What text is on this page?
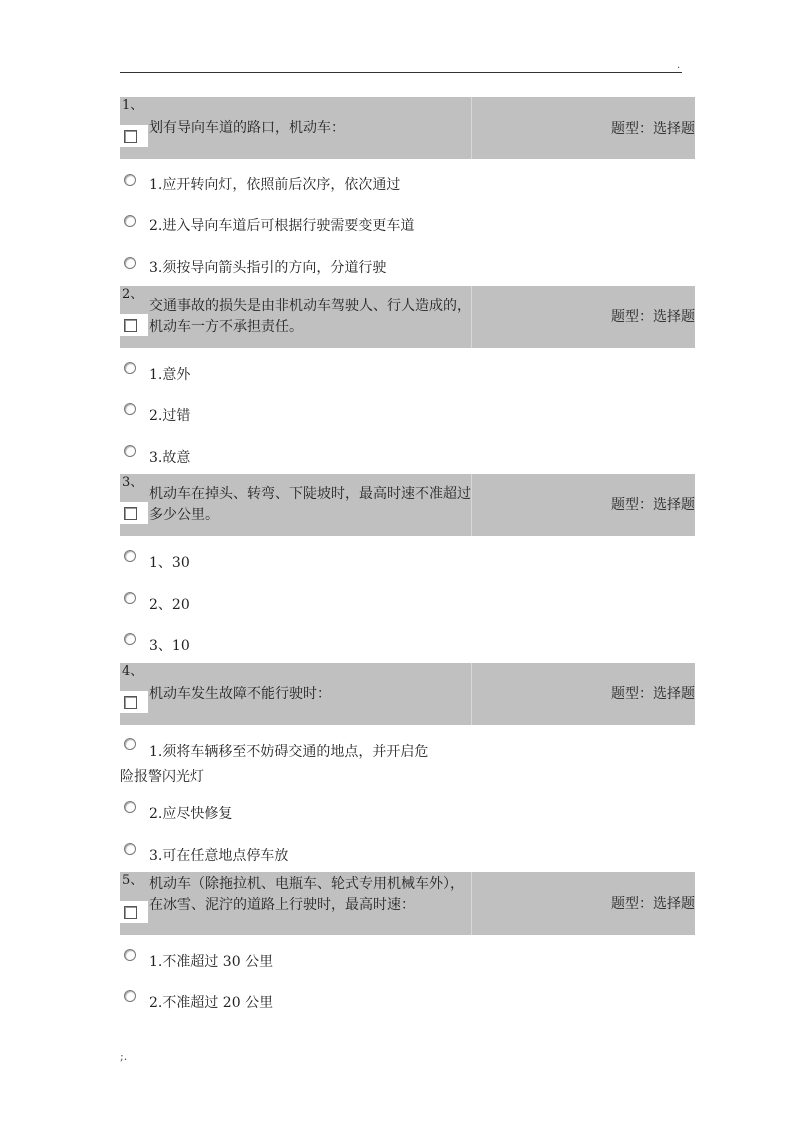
.
1、
划有导向车道的路口，机动车：	题型：选择题
1.应开转向灯，依照前后次序，依次通过
2.进入导向车道后可根据行驶需要变更车道
3.须按导向箭头指引的方向，分道行驶
2、
交通事故的损失是由非机动车驾驶人、行人造成的，机动车一方不承担责任。
题型：选择题
1.意外
2.过错
3.故意
3、
机动车在掉头、转弯、下陡坡时，最高时速不准超过多少公里。
题型：选择题
1、30
2、20
3、10
4、
机动车发生故障不能行驶时：	题型：选择题
1.须将车辆移至不妨碍交通的地点，并开启危
险报警闪光灯
2.应尽快修复
3.可在任意地点停车放
5、 机动车（除拖拉机、电瓶车、轮式专用机械车外），在冰雪、泥泞的道路上行驶时，最高时速：	题型：选择题
1.不准超过 30 公里
2.不准超过 20 公里
;.
